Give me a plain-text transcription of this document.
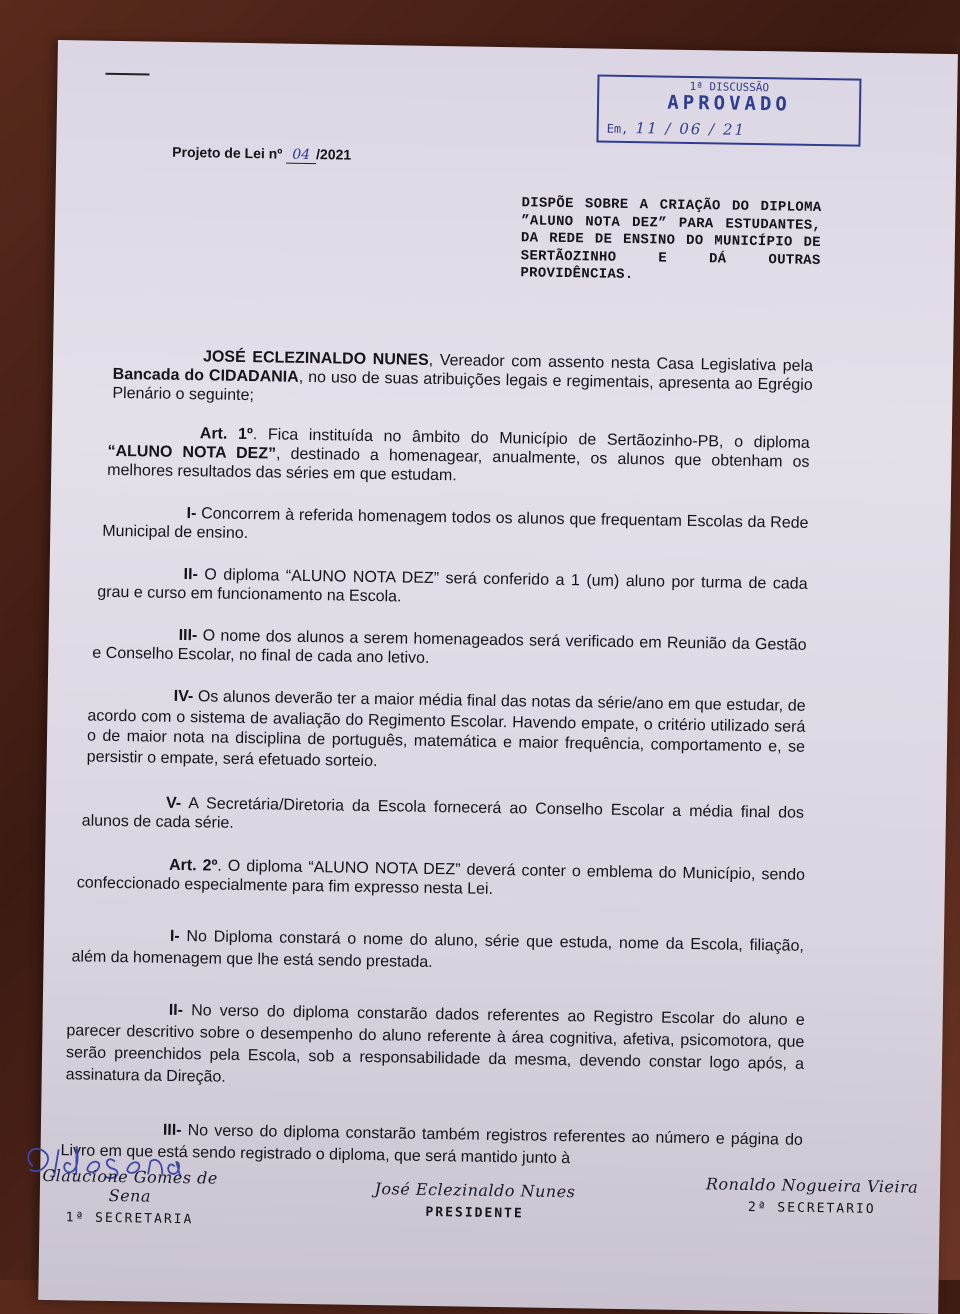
1ª DISCUSSÃO
APROVADO
Em, 11 / 06 / 21
Projeto de Lei nº 04 /2021
DISPÕE SOBRE A CRIAÇÃO DO DIPLOMA ”ALUNO NOTA DEZ” PARA ESTUDANTES, DA REDE DE ENSINO DO MUNICÍPIO DE SERTÃOZINHO E DÁ OUTRAS PROVIDÊNCIAS.
JOSÉ ECLEZINALDO NUNES, Vereador com assento nesta Casa Legislativa pela Bancada do CIDADANIA, no uso de suas atribuições legais e regimentais, apresenta ao Egrégio Plenário o seguinte;
Art. 1º. Fica instituída no âmbito do Município de Sertãozinho-PB, o diploma “ALUNO NOTA DEZ”, destinado a homenagear, anualmente, os alunos que obtenham os melhores resultados das séries em que estudam.
I- Concorrem à referida homenagem todos os alunos que frequentam Escolas da Rede Municipal de ensino.
II- O diploma “ALUNO NOTA DEZ” será conferido a 1 (um) aluno por turma de cada grau e curso em funcionamento na Escola.
III- O nome dos alunos a serem homenageados será verificado em Reunião da Gestão e Conselho Escolar, no final de cada ano letivo.
IV- Os alunos deverão ter a maior média final das notas da série/ano em que estudar, de acordo com o sistema de avaliação do Regimento Escolar. Havendo empate, o critério utilizado será o de maior nota na disciplina de português, matemática e maior frequência, comportamento e, se persistir o empate, será efetuado sorteio.
V- A Secretária/Diretoria da Escola fornecerá ao Conselho Escolar a média final dos alunos de cada série.
Art. 2º. O diploma “ALUNO NOTA DEZ” deverá conter o emblema do Município, sendo confeccionado especialmente para fim expresso nesta Lei.
I- No Diploma constará o nome do aluno, série que estuda, nome da Escola, filiação, além da homenagem que lhe está sendo prestada.
II- No verso do diploma constarão dados referentes ao Registro Escolar do aluno e parecer descritivo sobre o desempenho do aluno referente à área cognitiva, afetiva, psicomotora, que serão preenchidos pela Escola, sob a responsabilidade da mesma, devendo constar logo após, a assinatura da Direção.
III- No verso do diploma constarão também registros referentes ao número e página do Livro em que está sendo registrado o diploma, que será mantido junto à
Glaucione Gomes de Sena
1ª SECRETARIA
José Eclezinaldo Nunes
PRESIDENTE
Ronaldo Nogueira Vieira
2ª SECRETARIO
